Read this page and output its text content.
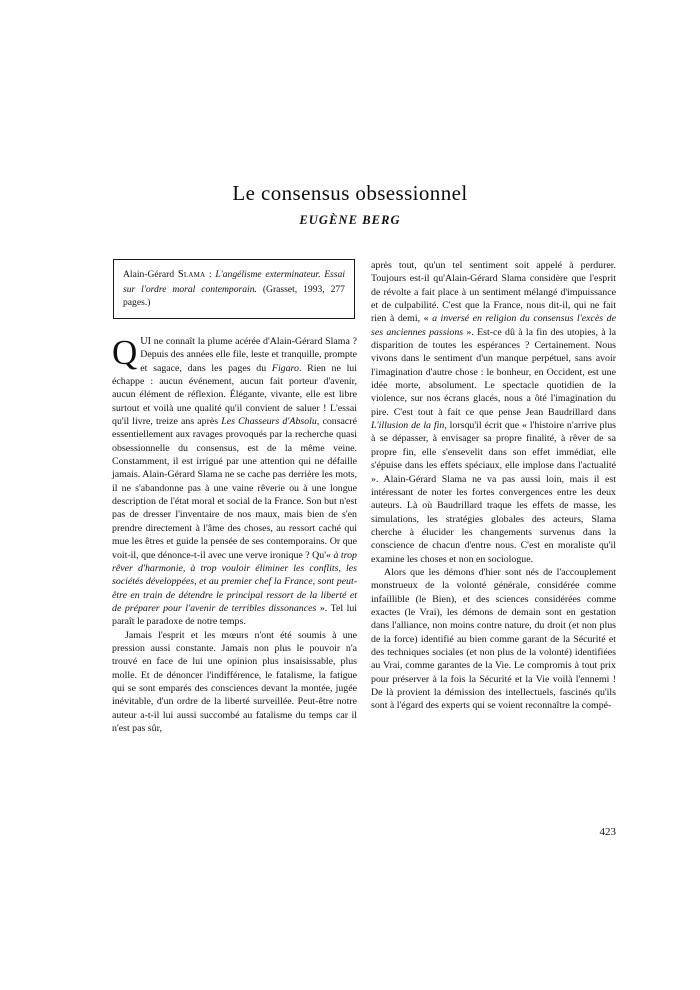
Le consensus obsessionnel
EUGÈNE BERG
Alain-Gérard Slama : L'angélisme exterminateur. Essai sur l'ordre moral contemporain. (Grasset, 1993, 277 pages.)

QUI ne connaît la plume acérée d'Alain-Gérard Slama ? Depuis des années elle file, leste et tranquille, prompte et sagace, dans les pages du Figaro. Rien ne lui échappe : aucun événement, aucun fait porteur d'avenir, aucun élément de réflexion. Élégante, vivante, elle est libre surtout et voilà une qualité qu'il convient de saluer ! L'essai qu'il livre, treize ans après Les Chasseurs d'Absolu, consacré essentiellement aux ravages provoqués par la recherche quasi obsessionnelle du consensus, est de la même veine. Constamment, il est irrigué par une attention qui ne défaille jamais. Alain-Gérard Slama ne se cache pas derrière les mots, il ne s'abandonne pas à une vaine rêverie ou à une longue description de l'état moral et social de la France. Son but n'est pas de dresser l'inventaire de nos maux, mais bien de s'en prendre directement à l'âme des choses, au ressort caché qui mue les êtres et guide la pensée de ses contemporains. Or que voit-il, que dénonce-t-il avec une verve ironique ? Qu'« à trop rêver d'harmonie, à trop vouloir éliminer les conflits, les sociétés développées, et au premier chef la France, sont peut-être en train de détendre le principal ressort de la liberté et de préparer pour l'avenir de terribles dissonances ». Tel lui paraît le paradoxe de notre temps.

Jamais l'esprit et les mœurs n'ont été soumis à une pression aussi constante. Jamais non plus le pouvoir n'a trouvé en face de lui une opinion plus insaisissable, plus molle. Et de dénoncer l'indifférence, le fatalisme, la fatigue qui se sont emparés des consciences devant la montée, jugée inévitable, d'un ordre de la liberté surveillée. Peut-être notre auteur a-t-il lui aussi succombé au fatalisme du temps car il n'est pas sûr,

après tout, qu'un tel sentiment soit appelé à perdurer. Toujours est-il qu'Alain-Gérard Slama considère que l'esprit de révolte a fait place à un sentiment mélangé d'impuissance et de culpabilité. C'est que la France, nous dit-il, qui ne fait rien à demi, « a inversé en religion du consensus l'excès de ses anciennes passions ». Est-ce dû à la fin des utopies, à la disparition de toutes les espérances ? Certainement. Nous vivons dans le sentiment d'un manque perpétuel, sans avoir l'imagination d'autre chose : le bonheur, en Occident, est une idée morte, absolument. Le spectacle quotidien de la violence, sur nos écrans glacés, nous a ôté l'imagination du pire. C'est tout à fait ce que pense Jean Baudrillard dans L'illusion de la fin, lorsqu'il écrit que « l'histoire n'arrive plus à se dépasser, à envisager sa propre finalité, à rêver de sa propre fin, elle s'ensevelit dans son effet immédiat, elle s'épuise dans les effets spéciaux, elle implose dans l'actualité ». Alain-Gérard Slama ne va pas aussi loin, mais il est intéressant de noter les fortes convergences entre les deux auteurs. Là où Baudrillard traque les effets de masse, les simulations, les stratégies globales des acteurs, Slama cherche à élucider les changements survenus dans la conscience de chacun d'entre nous. C'est en moraliste qu'il examine les choses et non en sociologue.

Alors que les démons d'hier sont nés de l'accouplement monstrueux de la volonté générale, considérée comme infaillible (le Bien), et des sciences considérées comme exactes (le Vrai), les démons de demain sont en gestation dans l'alliance, non moins contre nature, du droit (et non plus de la force) identifié au bien comme garant de la Sécurité et des techniques sociales (et non plus de la volonté) identifiées au Vrai, comme garantes de la Vie. Le compromis à tout prix pour préserver à la fois la Sécurité et la Vie voilà l'ennemi ! De là provient la démission des intellectuels, fascinés qu'ils sont à l'égard des experts qui se voient reconnaître la compé-

423
